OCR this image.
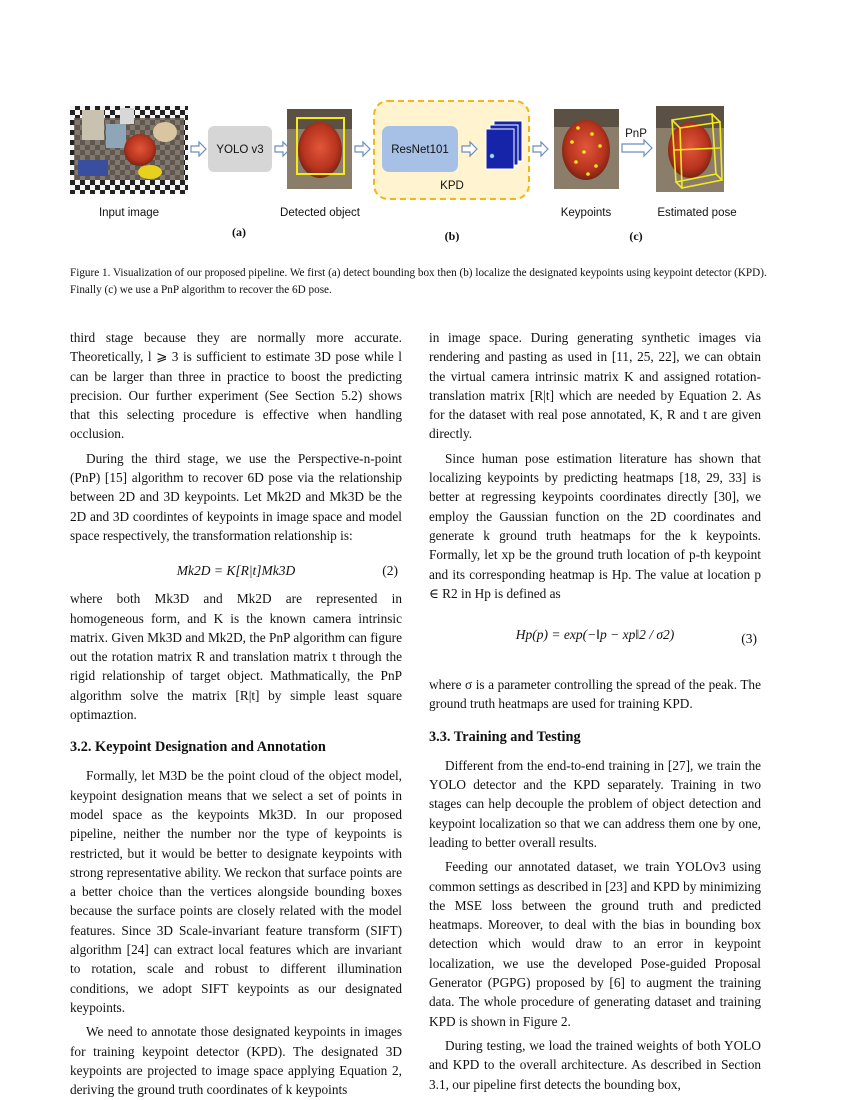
Input image
YOLO v3
Detected object
ResNet101
KPD
Keypoints
PnP
Estimated pose
(a)	(b)	(c)
Figure 1. Visualization of our proposed pipeline. We first (a) detect bounding box then (b) localize the designated keypoints using keypoint detector (KPD). Finally (c) we use a PnP algorithm to recover the 6D pose.

third stage because they are normally more accurate. Theoretically, l ⩾ 3 is sufficient to estimate 3D pose while l can be larger than three in practice to boost the predicting precision. Our further experiment (See Section 5.2) shows that this selecting procedure is effective when handling occlusion.

During the third stage, we use the Perspective-n-point (PnP) [15] algorithm to recover 6D pose via the relationship between 2D and 3D keypoints. Let Mk2D and Mk3D be the 2D and 3D coordintes of keypoints in image space and model space respectively, the transformation relationship is:

Mk2D = K[R|t]Mk3D	(2)

where both Mk3D and Mk2D are represented in homogeneous form, and K is the known camera intrinsic matrix. Given Mk3D and Mk2D, the PnP algorithm can figure out the rotation matrix R and translation matrix t through the rigid relationship of target object. Mathmatically, the PnP algorithm solve the matrix [R|t] by simple least square optimaztion.

3.2. Keypoint Designation and Annotation

Formally, let M3D be the point cloud of the object model, keypoint designation means that we select a set of points in model space as the keypoints Mk3D. In our proposed pipeline, neither the number nor the type of keypoints is restricted, but it would be better to designate keypoints with strong representative ability. We reckon that surface points are a better choice than the vertices alongside bounding boxes because the surface points are closely related with the model features. Since 3D Scale-invariant feature transform (SIFT) algorithm [24] can extract local features which are invariant to rotation, scale and robust to different illumination conditions, we adopt SIFT keypoints as our designated keypoints.

We need to annotate those designated keypoints in images for training keypoint detector (KPD). The designated 3D keypoints are projected to image space applying Equation 2, deriving the ground truth coordinates of k keypoints

in image space. During generating synthetic images via rendering and pasting as used in [11, 25, 22], we can obtain the virtual camera intrinsic matrix K and assigned rotation-translation matrix [R|t] which are needed by Equation 2. As for the dataset with real pose annotated, K, R and t are given directly.

Since human pose estimation literature has shown that localizing keypoints by predicting heatmaps [18, 29, 33] is better at regressing keypoints coordinates directly [30], we employ the Gaussian function on the 2D coordinates and generate k ground truth heatmaps for the k keypoints. Formally, let xp be the ground truth location of p-th keypoint and its corresponding heatmap is Hp. The value at location p ∈ R2 in Hp is defined as

Hp(p) = exp(−‖p − xp‖2 / σ2)	(3)

where σ is a parameter controlling the spread of the peak. The ground truth heatmaps are used for training KPD.

3.3. Training and Testing

Different from the end-to-end training in [27], we train the YOLO detector and the KPD separately. Training in two stages can help decouple the problem of object detection and keypoint localization so that we can address them one by one, leading to better overall results.

Feeding our annotated dataset, we train YOLOv3 using common settings as described in [23] and KPD by minimizing the MSE loss between the ground truth and predicted heatmaps. Moreover, to deal with the bias in bounding box detection which would draw to an error in keypoint localization, we use the developed Pose-guided Proposal Generator (PGPG) proposed by [6] to augment the training data. The whole procedure of generating dataset and training KPD is shown in Figure 2.

During testing, we load the trained weights of both YOLO and KPD to the overall architecture. As described in Section 3.1, our pipeline first detects the bounding box,
